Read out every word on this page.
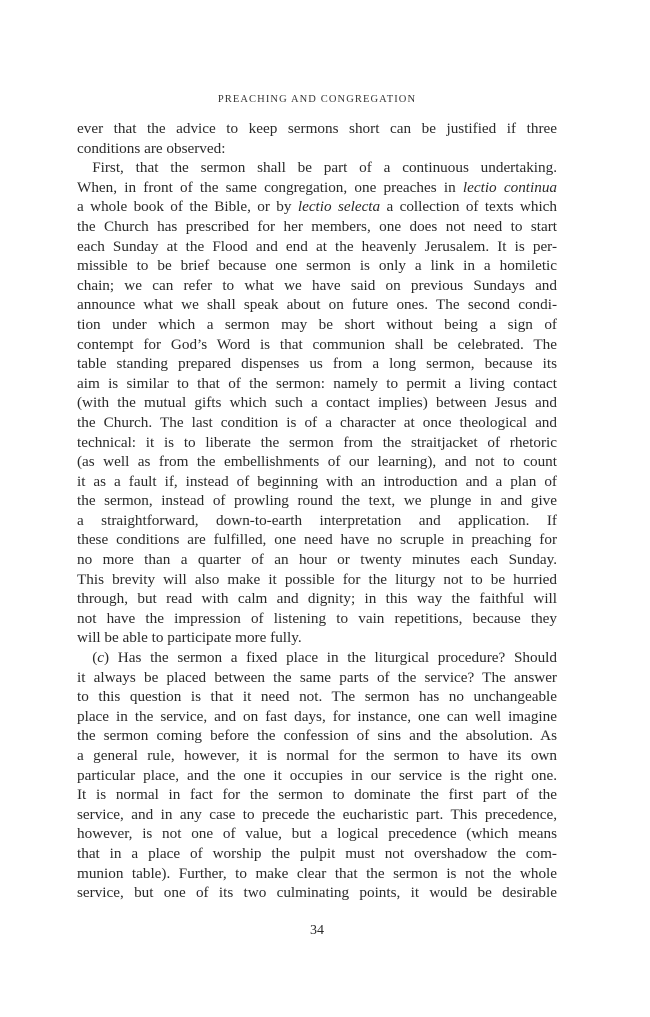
PREACHING AND CONGREGATION
ever that the advice to keep sermons short can be justified if three
conditions are observed:
 First, that the sermon shall be part of a continuous undertaking.
When, in front of the same congregation, one preaches in lectio continua
a whole book of the Bible, or by lectio selecta a collection of texts which
the Church has prescribed for her members, one does not need to start
each Sunday at the Flood and end at the heavenly Jerusalem. It is per-
missible to be brief because one sermon is only a link in a homiletic
chain; we can refer to what we have said on previous Sundays and
announce what we shall speak about on future ones. The second condi-
tion under which a sermon may be short without being a sign of
contempt for God’s Word is that communion shall be celebrated. The
table standing prepared dispenses us from a long sermon, because its
aim is similar to that of the sermon: namely to permit a living contact
(with the mutual gifts which such a contact implies) between Jesus and
the Church. The last condition is of a character at once theological and
technical: it is to liberate the sermon from the straitjacket of rhetoric
(as well as from the embellishments of our learning), and not to count
it as a fault if, instead of beginning with an introduction and a plan of
the sermon, instead of prowling round the text, we plunge in and give
a straightforward, down-to-earth interpretation and application. If
these conditions are fulfilled, one need have no scruple in preaching for
no more than a quarter of an hour or twenty minutes each Sunday.
This brevity will also make it possible for the liturgy not to be hurried
through, but read with calm and dignity; in this way the faithful will
not have the impression of listening to vain repetitions, because they
will be able to participate more fully.
 (c) Has the sermon a fixed place in the liturgical procedure? Should
it always be placed between the same parts of the service? The answer
to this question is that it need not. The sermon has no unchangeable
place in the service, and on fast days, for instance, one can well imagine
the sermon coming before the confession of sins and the absolution. As
a general rule, however, it is normal for the sermon to have its own
particular place, and the one it occupies in our service is the right one.
It is normal in fact for the sermon to dominate the first part of the
service, and in any case to precede the eucharistic part. This precedence,
however, is not one of value, but a logical precedence (which means
that in a place of worship the pulpit must not overshadow the com-
munion table). Further, to make clear that the sermon is not the whole
service, but one of its two culminating points, it would be desirable
34
